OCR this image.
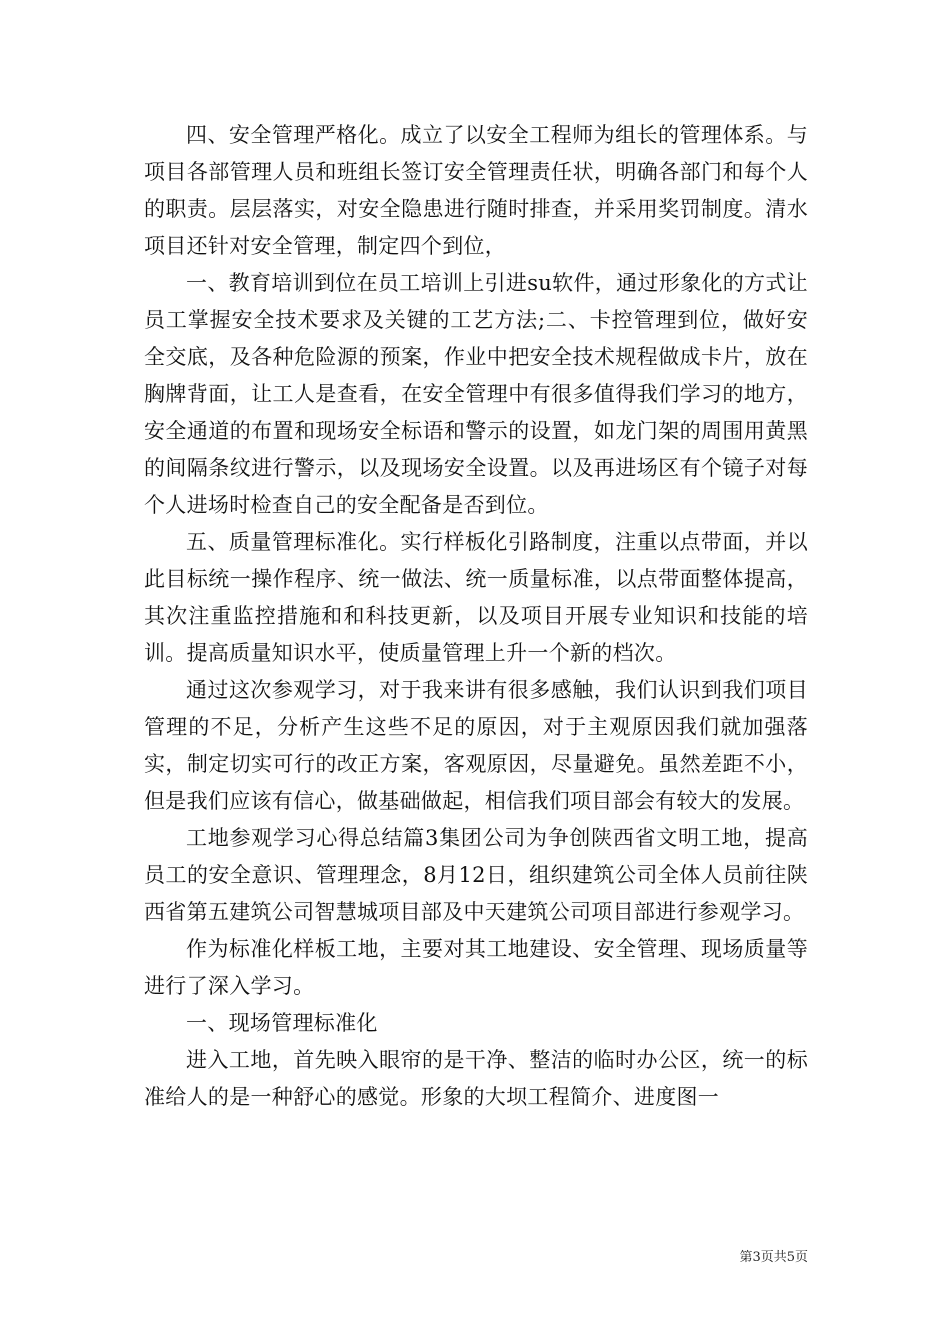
四、安全管理严格化。成立了以安全工程师为组长的管理体系。与项目各部管理人员和班组长签订安全管理责任状，明确各部门和每个人的职责。层层落实，对安全隐患进行随时排查，并采用奖罚制度。清水项目还针对安全管理，制定四个到位，

一、教育培训到位在员工培训上引进su软件，通过形象化的方式让员工掌握安全技术要求及关键的工艺方法;二、卡控管理到位，做好安全交底，及各种危险源的预案，作业中把安全技术规程做成卡片，放在胸牌背面，让工人是查看，在安全管理中有很多值得我们学习的地方，安全通道的布置和现场安全标语和警示的设置，如龙门架的周围用黄黑的间隔条纹进行警示，以及现场安全设置。以及再进场区有个镜子对每个人进场时检查自己的安全配备是否到位。

五、质量管理标准化。实行样板化引路制度，注重以点带面，并以此目标统一操作程序、统一做法、统一质量标准，以点带面整体提高，其次注重监控措施和和科技更新，以及项目开展专业知识和技能的培训。提高质量知识水平，使质量管理上升一个新的档次。

通过这次参观学习，对于我来讲有很多感触，我们认识到我们项目管理的不足，分析产生这些不足的原因，对于主观原因我们就加强落实，制定切实可行的改正方案，客观原因，尽量避免。虽然差距不小，但是我们应该有信心，做基础做起，相信我们项目部会有较大的发展。

工地参观学习心得总结篇3集团公司为争创陕西省文明工地，提高员工的安全意识、管理理念，8月12日，组织建筑公司全体人员前往陕西省第五建筑公司智慧城项目部及中天建筑公司项目部进行参观学习。

作为标准化样板工地，主要对其工地建设、安全管理、现场质量等进行了深入学习。

一、现场管理标准化

进入工地，首先映入眼帘的是干净、整洁的临时办公区，统一的标准给人的是一种舒心的感觉。形象的大坝工程简介、进度图一

第3页共5页
